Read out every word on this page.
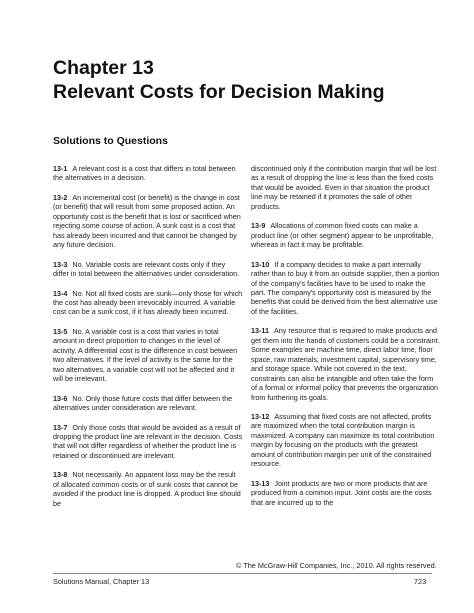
Chapter 13
Relevant Costs for Decision Making
Solutions to Questions

13-1 A relevant cost is a cost that differs in total between the alternatives in a decision.

13-2 An incremental cost (or benefit) is the change in cost (or benefit) that will result from some proposed action. An opportunity cost is the benefit that is lost or sacrificed when rejecting some course of action. A sunk cost is a cost that has already been incurred and that cannot be changed by any future decision.

13-3 No. Variable costs are relevant costs only if they differ in total between the alternatives under consideration.

13-4 No. Not all fixed costs are sunk—only those for which the cost has already been irrevocably incurred. A variable cost can be a sunk cost, if it has already been incurred.

13-5 No. A variable cost is a cost that varies in total amount in direct proportion to changes in the level of activity. A differential cost is the difference in cost between two alternatives. If the level of activity is the same for the two alternatives, a variable cost will not be affected and it will be irrelevant.

13-6 No. Only those future costs that differ between the alternatives under consideration are relevant.

13-7 Only those costs that would be avoided as a result of dropping the product line are relevant in the decision. Costs that will not differ regardless of whether the product line is retained or discontinued are irrelevant.

13-8 Not necessarily. An apparent loss may be the result of allocated common costs or of sunk costs that cannot be avoided if the product line is dropped. A product line should be

discontinued only if the contribution margin that will be lost as a result of dropping the line is less than the fixed costs that would be avoided. Even in that situation the product line may be retained if it promotes the sale of other products.

13-9 Allocations of common fixed costs can make a product line (or other segment) appear to be unprofitable, whereas in fact it may be profitable.

13-10 If a company decides to make a part internally rather than to buy it from an outside supplier, then a portion of the company's facilities have to be used to make the part. The company's opportunity cost is measured by the benefits that could be derived from the best alternative use of the facilities.

13-11 Any resource that is required to make products and get them into the hands of customers could be a constraint. Some examples are machine time, direct labor time, floor space, raw materials, investment capital, supervisory time, and storage space. While not covered in the text, constraints can also be intangible and often take the form of a formal or informal policy that prevents the organization from furthering its goals.

13-12 Assuming that fixed costs are not affected, profits are maximized when the total contribution margin is maximized. A company can maximize its total contribution margin by focusing on the products with the greatest amount of contribution margin per unit of the constrained resource.

13-13 Joint products are two or more products that are produced from a common input. Joint costs are the costs that are incurred up to the

© The McGraw-Hill Companies, Inc., 2010. All rights reserved.
Solutions Manual, Chapter 13	723
